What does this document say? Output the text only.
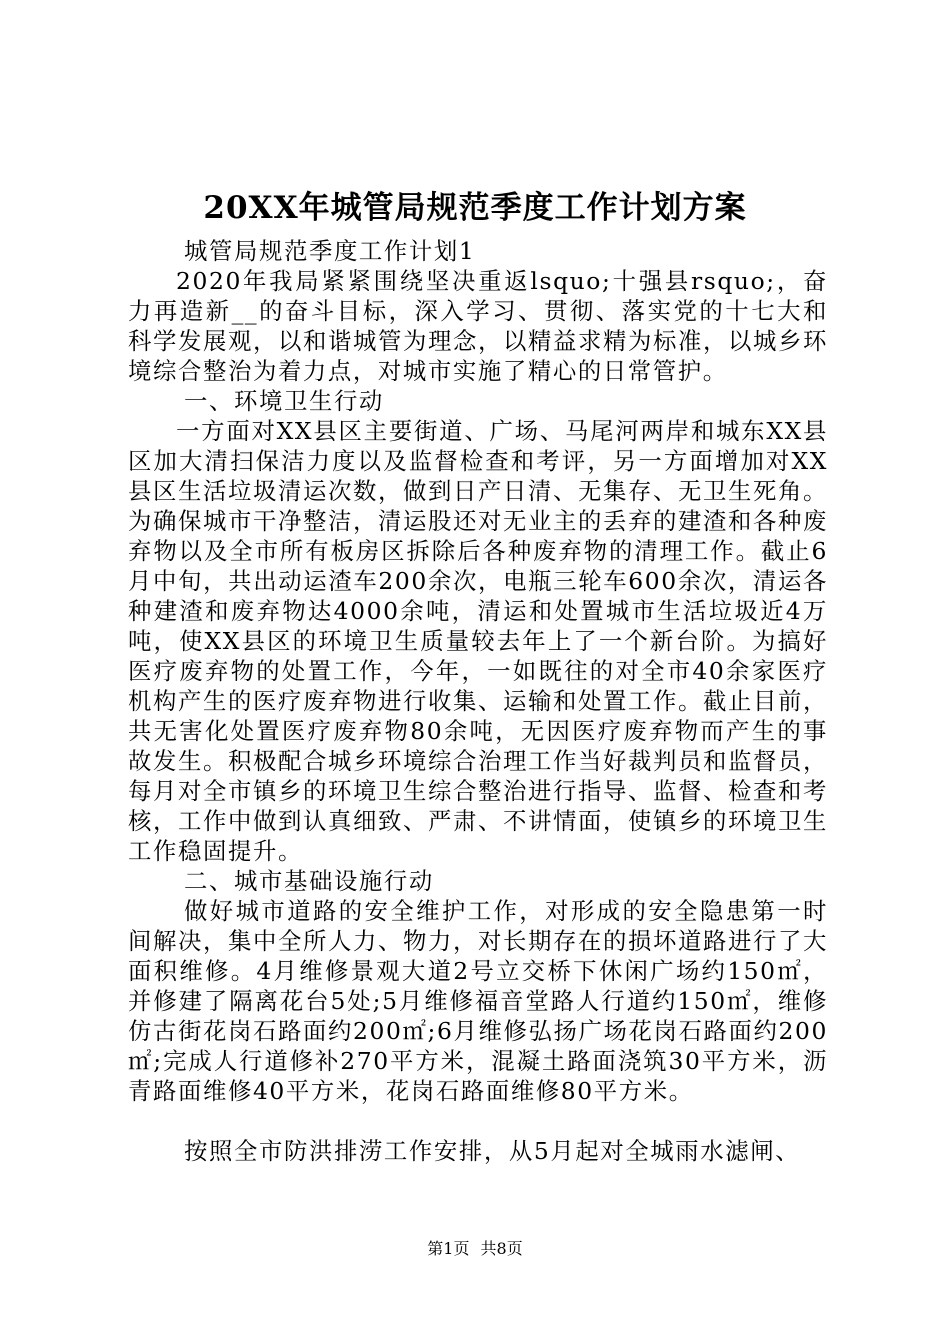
20XX年城管局规范季度工作计划方案

城管局规范季度工作计划1

2020年我局紧紧围绕坚决重返lsquo;十强县rsquo;，奋力再造新__的奋斗目标，深入学习、贯彻、落实党的十七大和科学发展观，以和谐城管为理念，以精益求精为标准，以城乡环境综合整治为着力点，对城市实施了精心的日常管护。

一、环境卫生行动

一方面对XX县区主要街道、广场、马尾河两岸和城东XX县区加大清扫保洁力度以及监督检查和考评，另一方面增加对XX县区生活垃圾清运次数，做到日产日清、无集存、无卫生死角。为确保城市干净整洁，清运股还对无业主的丢弃的建渣和各种废弃物以及全市所有板房区拆除后各种废弃物的清理工作。截止6月中旬，共出动运渣车200余次，电瓶三轮车600余次，清运各种建渣和废弃物达4000余吨，清运和处置城市生活垃圾近4万吨，使XX县区的环境卫生质量较去年上了一个新台阶。为搞好医疗废弃物的处置工作，今年，一如既往的对全市40余家医疗机构产生的医疗废弃物进行收集、运输和处置工作。截止目前，共无害化处置医疗废弃物80余吨，无因医疗废弃物而产生的事故发生。积极配合城乡环境综合治理工作当好裁判员和监督员，每月对全市镇乡的环境卫生综合整治进行指导、监督、检查和考核，工作中做到认真细致、严肃、不讲情面，使镇乡的环境卫生工作稳固提升。

二、城市基础设施行动

做好城市道路的安全维护工作，对形成的安全隐患第一时间解决，集中全所人力、物力，对长期存在的损坏道路进行了大面积维修。4月维修景观大道2号立交桥下休闲广场约150㎡，并修建了隔离花台5处;5月维修福音堂路人行道约150㎡，维修仿古街花岗石路面约200㎡;6月维修弘扬广场花岗石路面约200㎡;完成人行道修补270平方米，混凝土路面浇筑30平方米，沥青路面维修40平方米，花岗石路面维修80平方米。

按照全市防洪排涝工作安排，从5月起对全城雨水滤闸、

第1页 共8页
